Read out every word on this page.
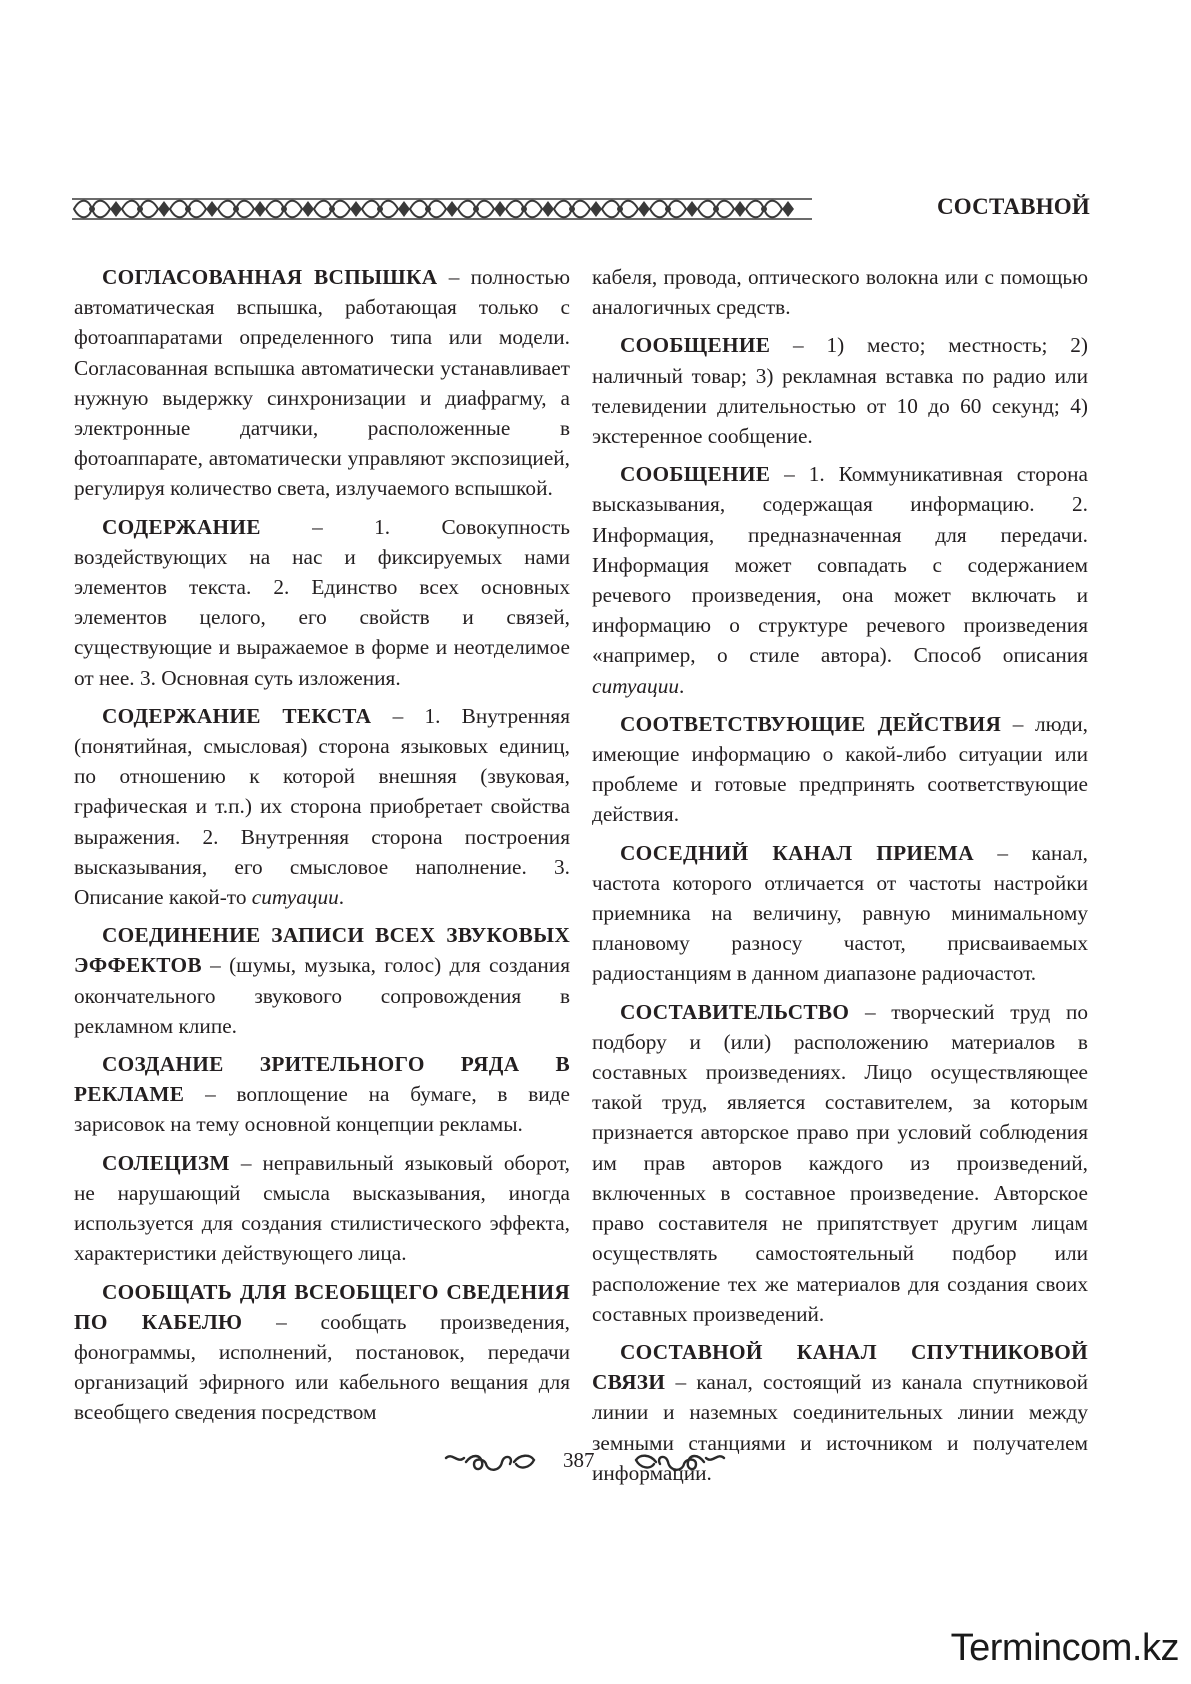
СОСТАВНОЙ

СОГЛАСОВАННАЯ ВСПЫШКА – полностью автоматическая вспышка, работающая только с фотоаппаратами определенного типа или модели. Согласованная вспышка автоматически устанавливает нужную выдержку синхронизации и диафрагму, а электронные датчики, расположенные в фотоаппарате, автоматически управляют экспозицией, регулируя количество света, излучаемого вспышкой.

СОДЕРЖАНИЕ – 1. Совокупность воздействующих на нас и фиксируемых нами элементов текста. 2. Единство всех основных элементов целого, его свойств и связей, существующие и выражаемое в форме и неотделимое от нее. 3. Основная суть изложения.

СОДЕРЖАНИЕ ТЕКСТА – 1. Внутренняя (понятийная, смысловая) сторона языковых единиц, по отношению к которой внешняя (звуковая, графическая и т.п.) их сторона приобретает свойства выражения. 2. Внутренняя сторона построения высказывания, его смысловое наполнение. 3. Описание какой-то ситуации.

СОЕДИНЕНИЕ ЗАПИСИ ВСЕХ ЗВУКОВЫХ ЭФФЕКТОВ – (шумы, музыка, голос) для создания окончательного звукового сопровождения в рекламном клипе.

СОЗДАНИЕ ЗРИТЕЛЬНОГО РЯДА В РЕКЛАМЕ – воплощение на бумаге, в виде зарисовок на тему основной концепции рекламы.

СОЛЕЦИЗМ – неправильный языковый оборот, не нарушающий смысла высказывания, иногда используется для создания стилистического эффекта, характеристики действующего лица.

СООБЩАТЬ ДЛЯ ВСЕОБЩЕГО СВЕДЕНИЯ ПО КАБЕЛЮ – сообщать произведения, фонограммы, исполнений, постановок, передачи организаций эфирного или кабельного вещания для всеобщего сведения посредством

кабеля, провода, оптического волокна или с помощью аналогичных средств.

СООБЩЕНИЕ – 1) место; местность; 2) наличный товар; 3) рекламная вставка по радио или телевидении длительностью от 10 до 60 секунд; 4) экстеренное сообщение.

СООБЩЕНИЕ – 1. Коммуникативная сторона высказывания, содержащая информацию. 2. Информация, предназначенная для передачи. Информация может совпадать с содержанием речевого произведения, она может включать и информацию о структуре речевого произведения «например, о стиле автора). Способ описания ситуации.

СООТВЕТСТВУЮЩИЕ ДЕЙСТВИЯ – люди, имеющие информацию о какой-либо ситуации или проблеме и готовые предпринять соответствующие действия.

СОСЕДНИЙ КАНАЛ ПРИЕМА – канал, частота которого отличается от частоты настройки приемника на величину, равную минимальному плановому разносу частот, присваиваемых радиостанциям в данном диапазоне радиочастот.

СОСТАВИТЕЛЬСТВО – творческий труд по подбору и (или) расположению материалов в составных произведениях. Лицо осуществляющее такой труд, является составителем, за которым признается авторское право при условий соблюдения им прав авторов каждого из произведений, включенных в составное произведение. Авторское право составителя не припятствует другим лицам осуществлять самостоятельный подбор или расположение тех же материалов для создания своих составных произведений.

СОСТАВНОЙ КАНАЛ СПУТНИКОВОЙ СВЯЗИ – канал, состоящий из канала спутниковой линии и наземных соединительных линии между земными станциями и источником и получателем информации.

387
Termincom.kz
